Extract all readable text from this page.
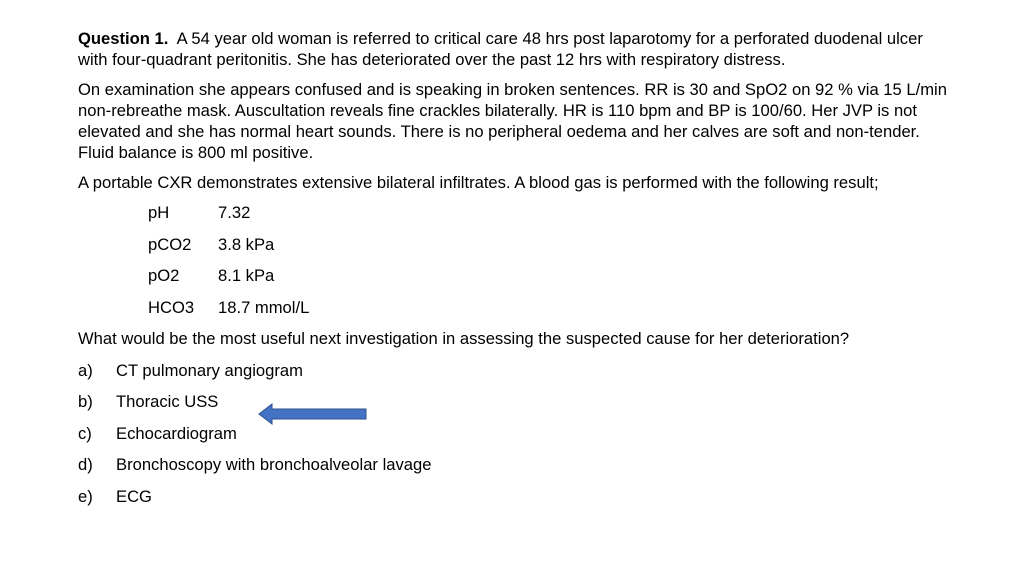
Question 1. A 54 year old woman is referred to critical care 48 hrs post laparotomy for a perforated duodenal ulcer with four-quadrant peritonitis. She has deteriorated over the past 12 hrs with respiratory distress.

On examination she appears confused and is speaking in broken sentences. RR is 30 and SpO2 on 92 % via 15 L/min non-rebreathe mask. Auscultation reveals fine crackles bilaterally. HR is 110 bpm and BP is 100/60. Her JVP is not elevated and she has normal heart sounds. There is no peripheral oedema and her calves are soft and non-tender. Fluid balance is 800 ml positive.

A portable CXR demonstrates extensive bilateral infiltrates. A blood gas is performed with the following result;

pH	7.32
pCO2	3.8 kPa
pO2	8.1 kPa
HCO3	18.7 mmol/L

What would be the most useful next investigation in assessing the suspected cause for her deterioration?

a)	CT pulmonary angiogram
b)	Thoracic USS
c)	Echocardiogram
d)	Bronchoscopy with bronchoalveolar lavage
e)	ECG
